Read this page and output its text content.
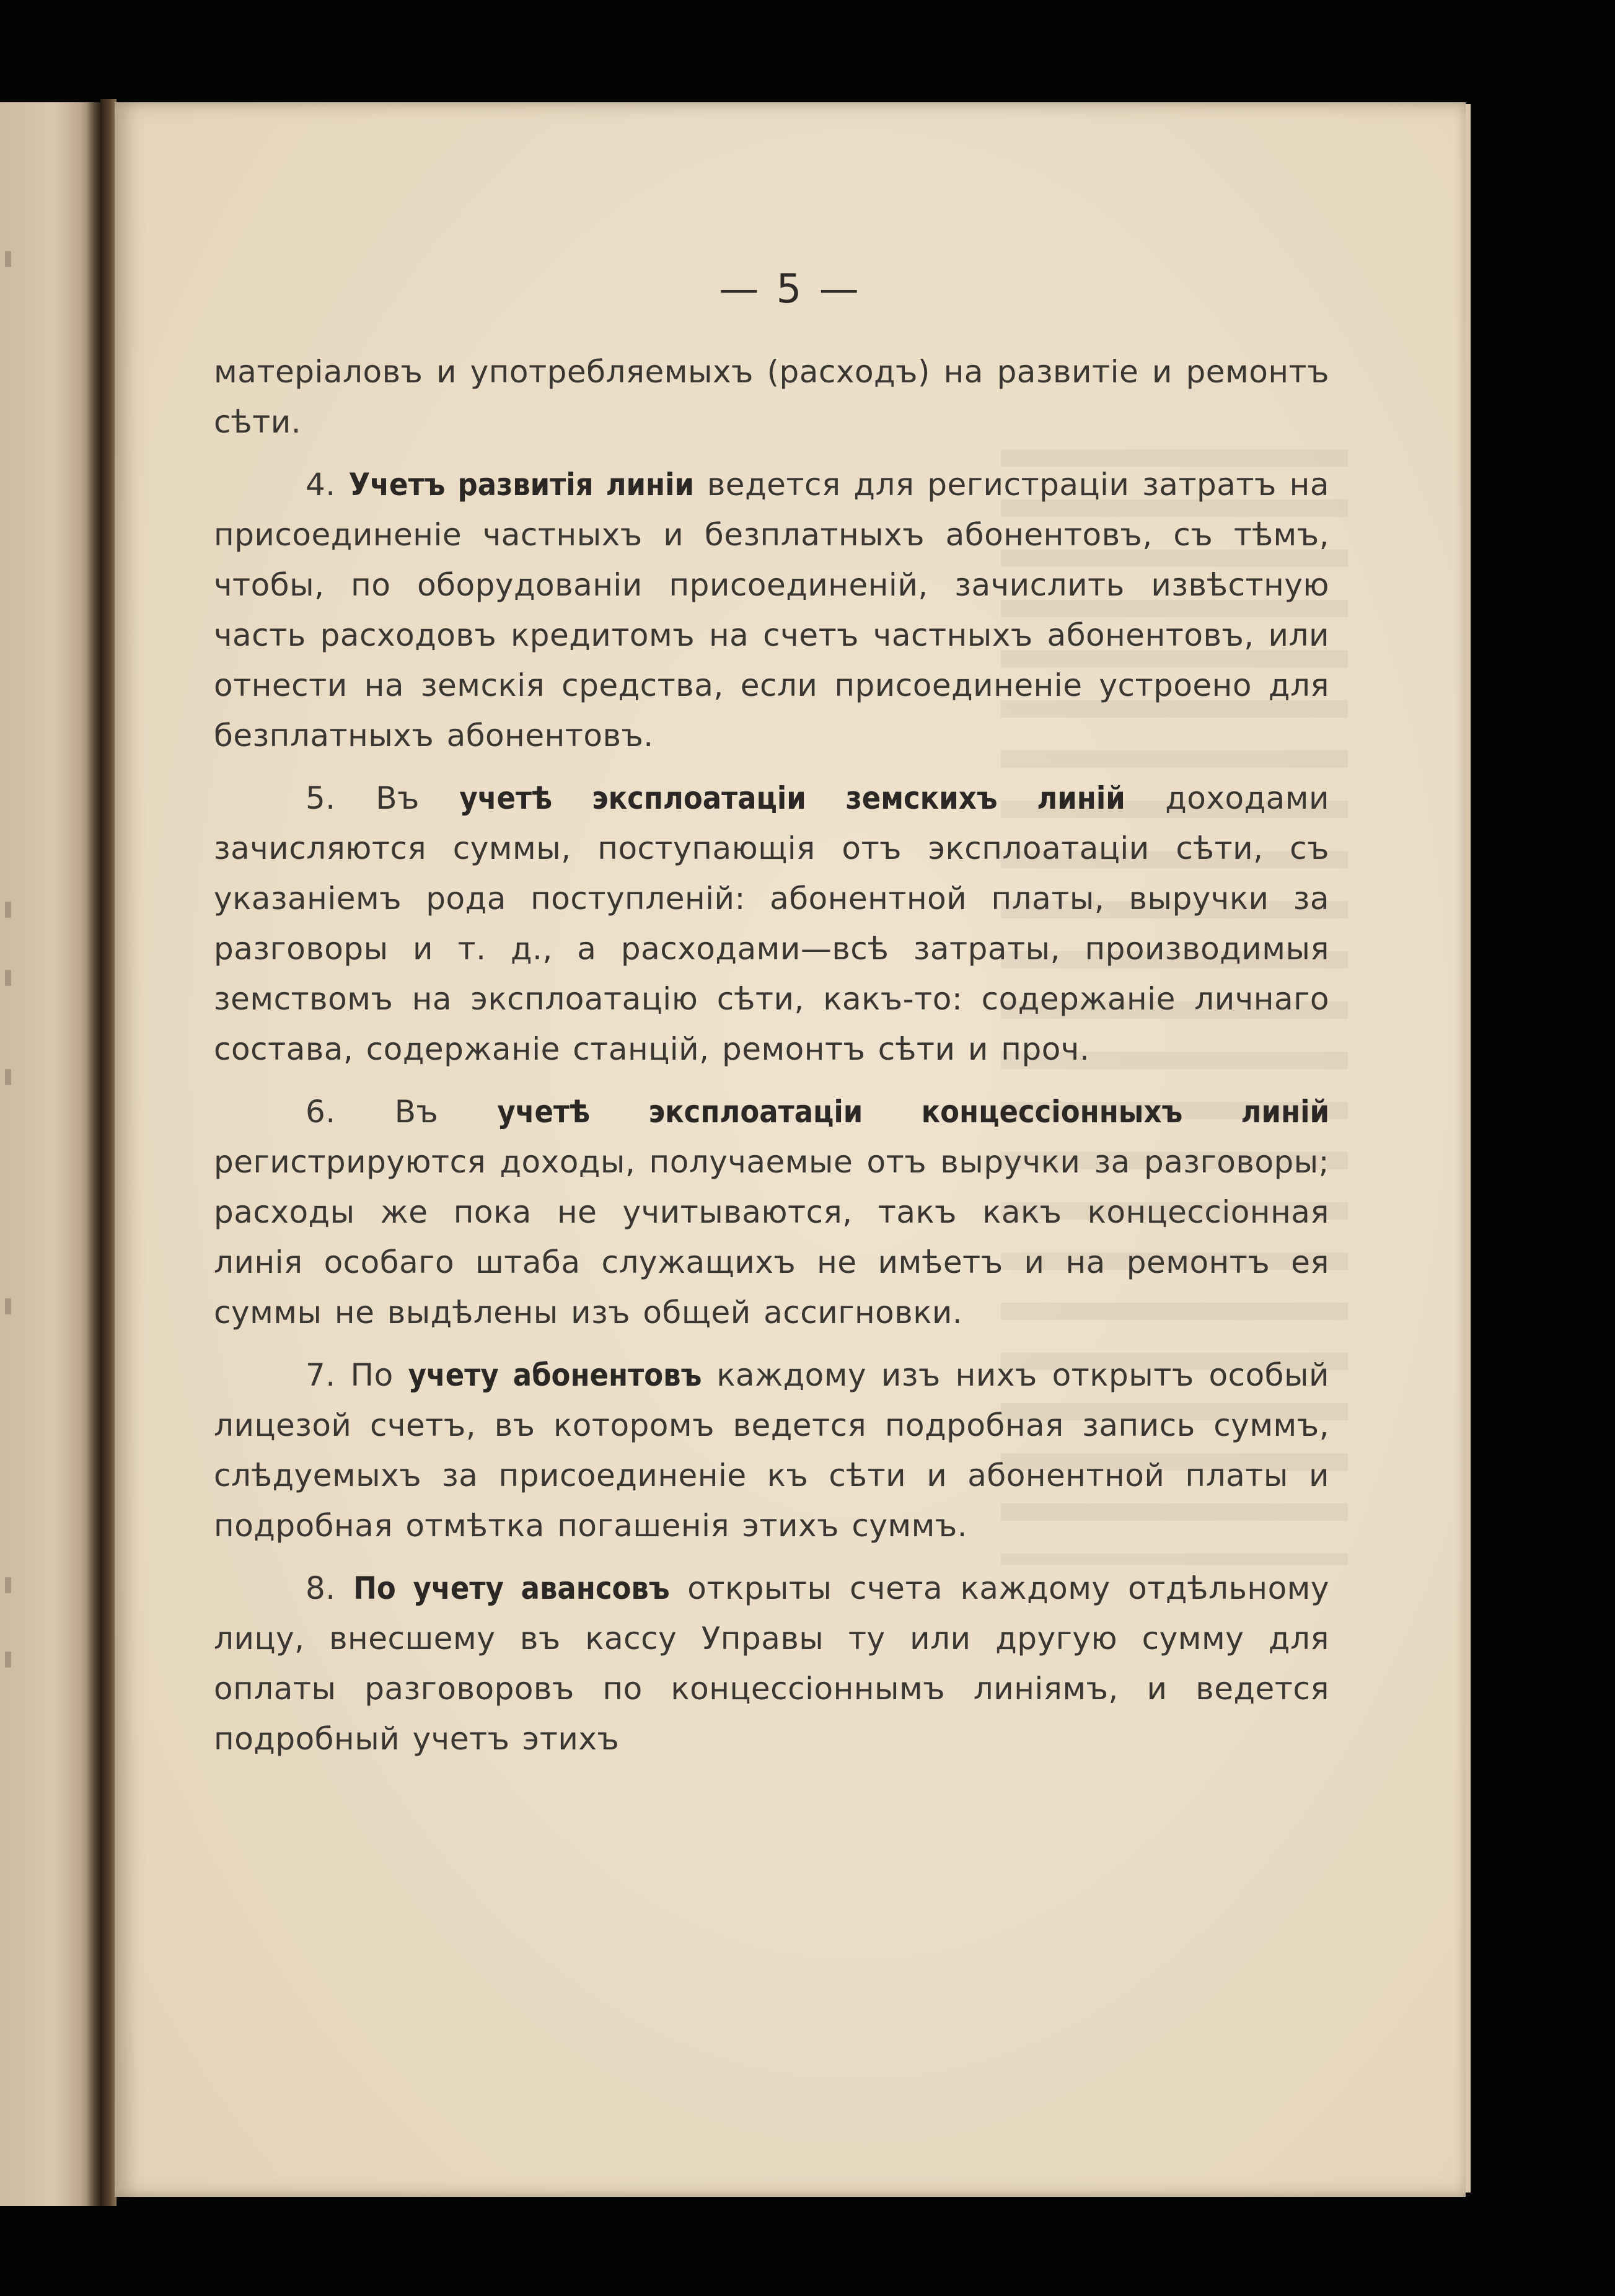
— 5 —

матеріаловъ и употребляемыхъ (расходъ) на развитіе и ремонтъ сѣти.

4. Учетъ развитія линіи ведется для регистраціи затратъ на присоединеніе частныхъ и безплатныхъ абонентовъ, съ тѣмъ, чтобы, по оборудованіи присоединеній, зачислить извѣстную часть расходовъ кредитомъ на счетъ частныхъ абонентовъ, или отнести на земскія средства, если присоединеніе устроено для безплатныхъ абонентовъ.

5. Въ учетѣ эксплоатаціи земскихъ линій доходами зачисляются суммы, поступающія отъ эксплоатаціи сѣти, съ указаніемъ рода поступленій: абонентной платы, выручки за разговоры и т. д., а расходами—всѣ затраты, производимыя земствомъ на эксплоатацію сѣти, какъ-то: содержаніе личнаго состава, содержаніе станцій, ремонтъ сѣти и проч.

6. Въ учетѣ эксплоатаціи концессіонныхъ линій регистрируются доходы, получаемые отъ выручки за разговоры; расходы же пока не учитываются, такъ какъ концессіонная линія особаго штаба служащихъ не имѣетъ и на ремонтъ ея суммы не выдѣлены изъ общей ассигновки.

7. По учету абонентовъ каждому изъ нихъ открытъ особый лицезой счетъ, въ которомъ ведется подробная запись суммъ, слѣдуемыхъ за присоединеніе къ сѣти и абонентной платы и подробная отмѣтка погашенія этихъ суммъ.

8. По учету авансовъ открыты счета каждому отдѣльному лицу, внесшему въ кассу Управы ту или другую сумму для оплаты разговоровъ по концессіоннымъ линіямъ, и ведется подробный учетъ этихъ
